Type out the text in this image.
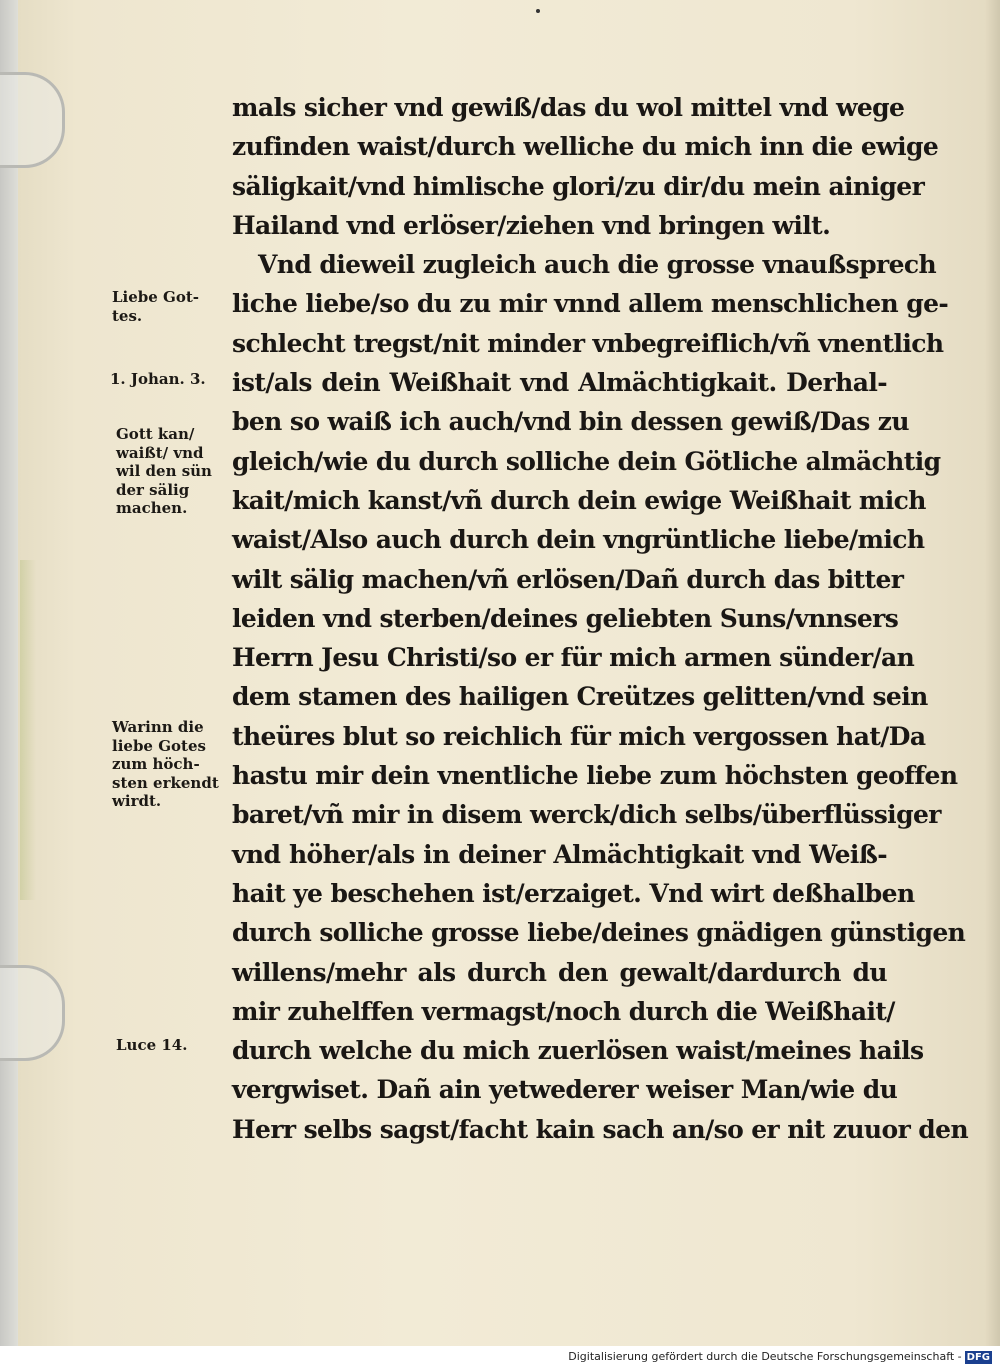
mals sicher vnd gewiß/das du wol mittel vnd wege
zufinden waist/durch welliche du mich inn die ewige
säligkait/vnd himlische glori/zu dir/du mein ainiger
Hailand vnd erlöser/ziehen vnd bringen wilt.
Vnd dieweil zugleich auch die grosse vnaußsprech
liche liebe/so du zu mir vnnd allem menschlichen ge-
schlecht tregst/nit minder vnbegreiflich/vñ vnentlich
ist/als dein Weißhait vnd Almächtigkait. Derhal-
ben so waiß ich auch/vnd bin dessen gewiß/Das zu
gleich/wie du durch solliche dein Götliche almächtig
kait/mich kanst/vñ durch dein ewige Weißhait mich
waist/Also auch durch dein vngrüntliche liebe/mich
wilt sälig machen/vñ erlösen/Dañ durch das bitter
leiden vnd sterben/deines geliebten Suns/vnnsers
Herrn Jesu Christi/so er für mich armen sünder/an
dem stamen des hailigen Creützes gelitten/vnd sein
theüres blut so reichlich für mich vergossen hat/Da
hastu mir dein vnentliche liebe zum höchsten geoffen
baret/vñ mir in disem werck/dich selbs/überflüssiger
vnd höher/als in deiner Almächtigkait vnd Weiß-
hait ye beschehen ist/erzaiget. Vnd wirt deßhalben
durch solliche grosse liebe/deines gnädigen günstigen
willens/mehr als durch den gewalt/dardurch du
mir zuhelffen vermagst/noch durch die Weißhait/
durch welche du mich zuerlösen waist/meines hails
vergwiset. Dañ ain yetwederer weiser Man/wie du
Herr selbs sagst/facht kain sach an/so er nit zuuor den
Liebe Got-
tes.
1. Johan. 3.
Gott kan/
waißt/ vnd
wil den sün
der sälig
machen.
Warinn die
liebe Gotes
zum höch-
sten erkendt
wirdt.
Luce 14.
Digitalisierung gefördert durch die Deutsche Forschungsgemeinschaft - DFG
